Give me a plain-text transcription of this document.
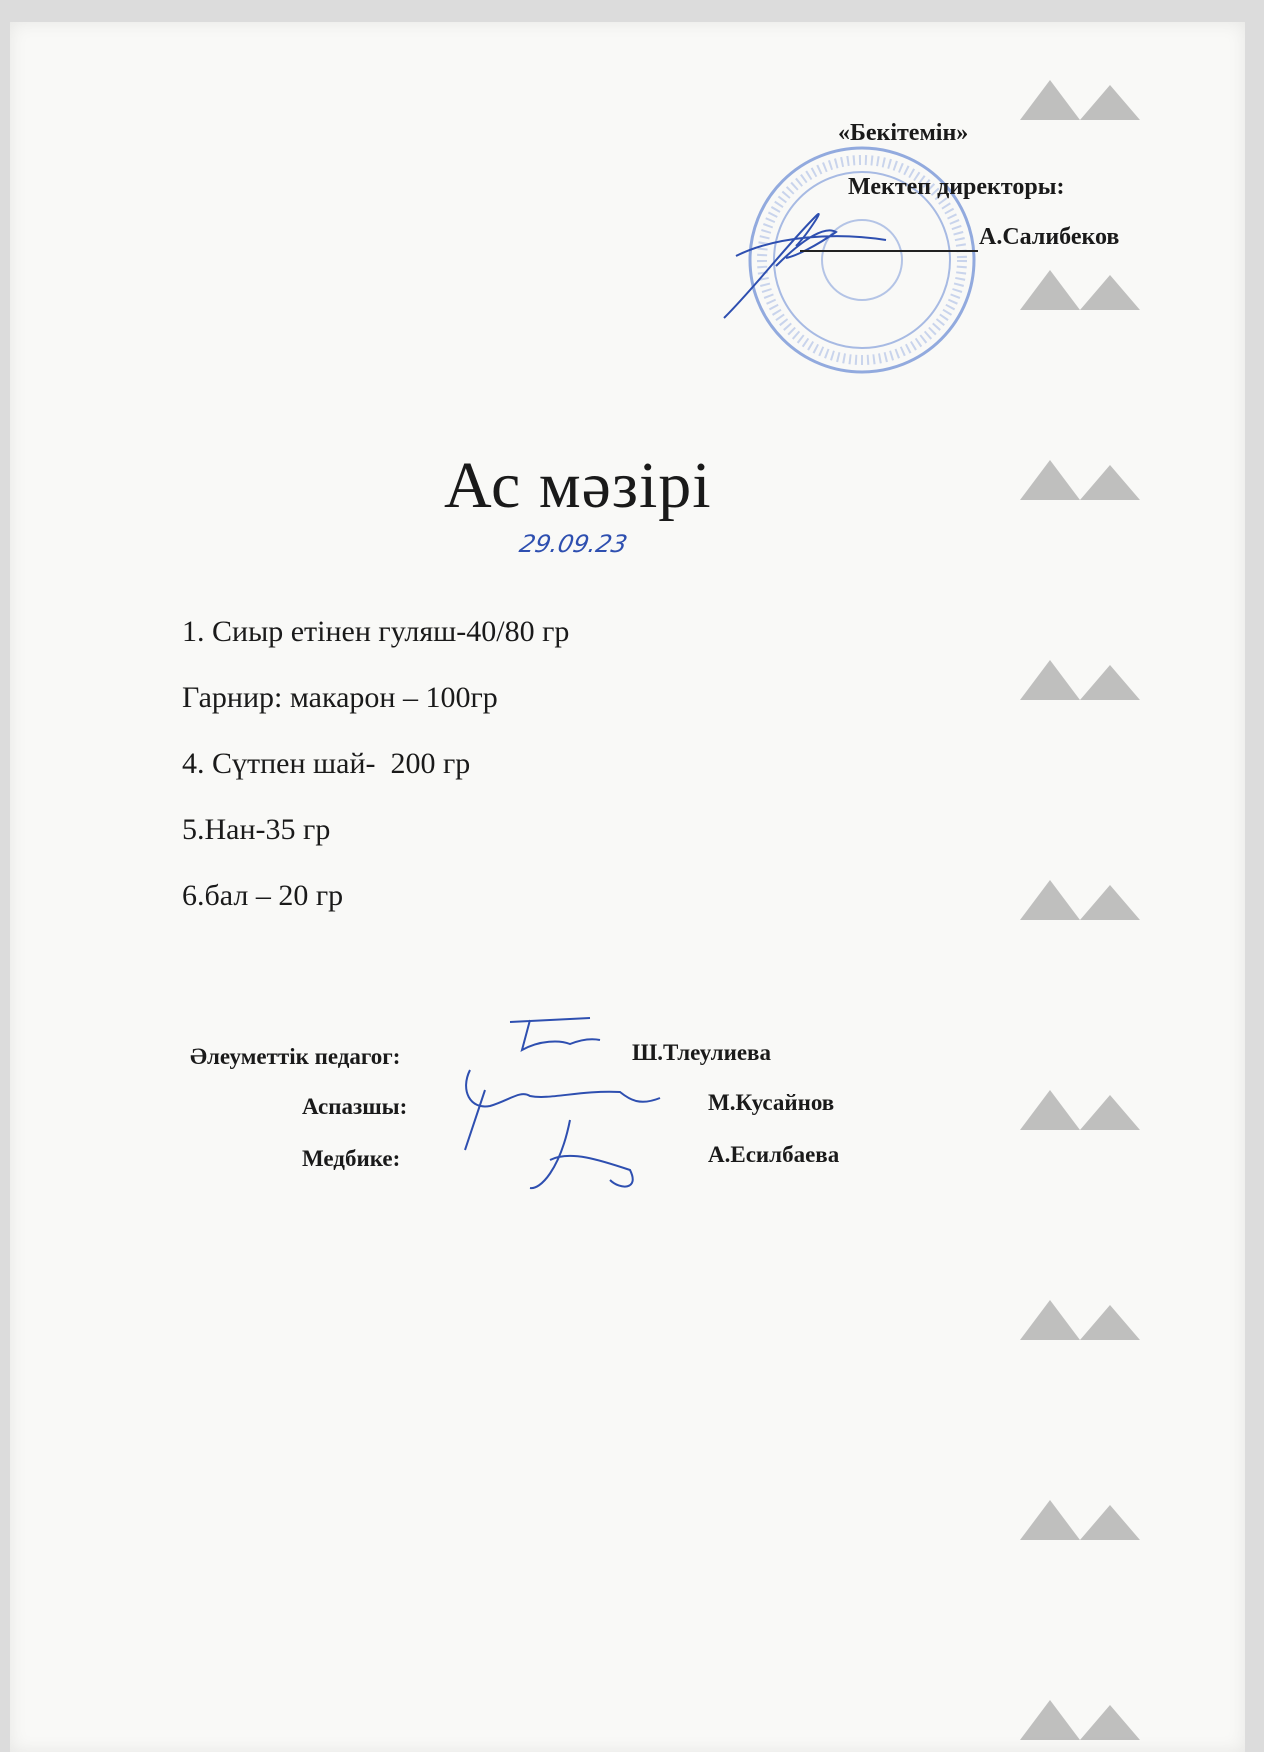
«Бекітемін»
Мектеп директоры:
А.Салибеков
Ас мәзірі
29.09.23
1. Сиыр етінен гуляш-40/80 гр
Гарнир: макарон – 100гр
4. Сүтпен шай-  200 гр
5.Нан-35 гр
6.бал – 20 гр
Әлеуметтік педагог:	Ш.Тлеулиева
Аспазшы:	М.Кусайнов
Медбике:	А.Есилбаева
